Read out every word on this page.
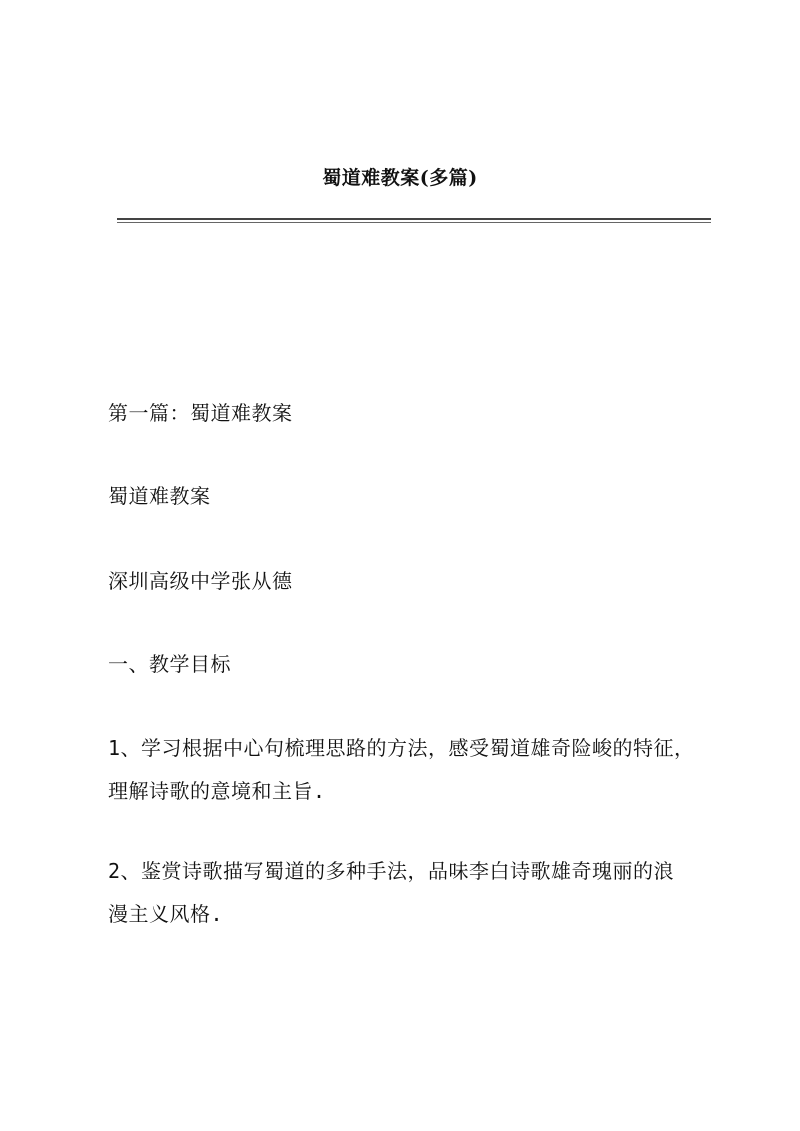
蜀道难教案(多篇)
第一篇：蜀道难教案
蜀道难教案
深圳高级中学张从德
一、教学目标
1、学习根据中心句梳理思路的方法，感受蜀道雄奇险峻的特征，
理解诗歌的意境和主旨.
2、鉴赏诗歌描写蜀道的多种手法，品味李白诗歌雄奇瑰丽的浪
漫主义风格.
